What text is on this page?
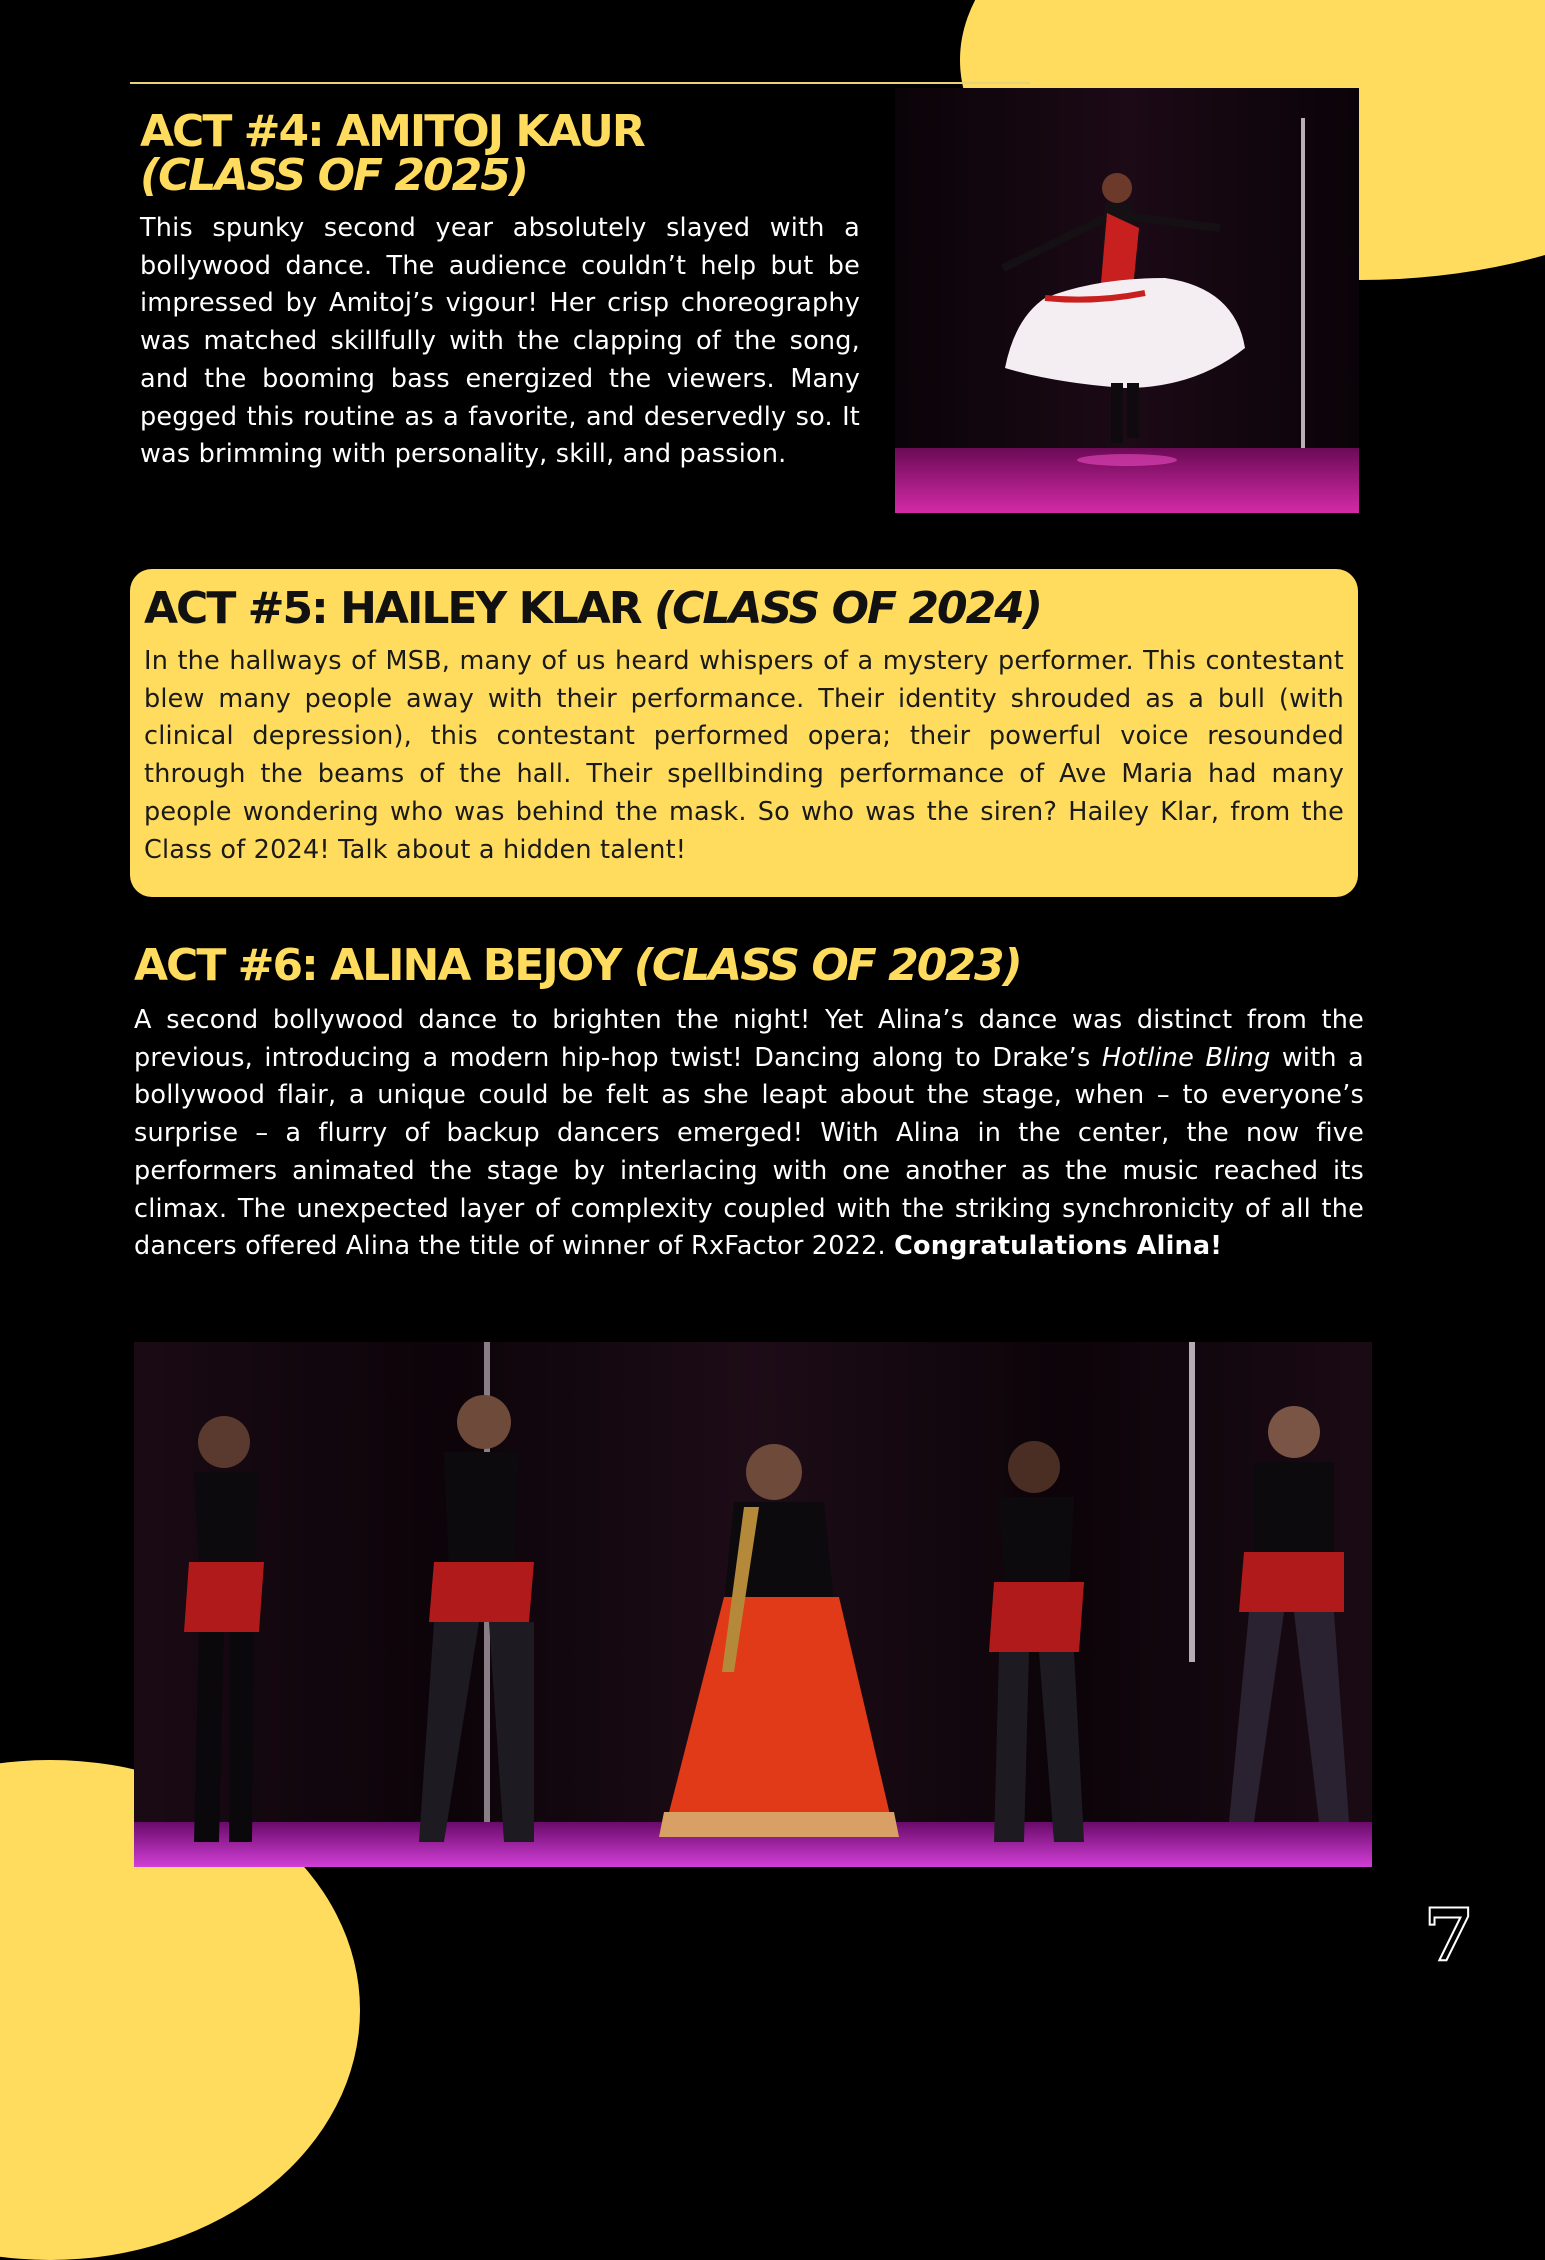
ACT #4: AMITOJ KAUR
(CLASS OF 2025)

This spunky second year absolutely slayed with a bollywood dance. The audience couldn’t help but be impressed by Amitoj’s vigour! Her crisp choreography was matched skillfully with the clapping of the song, and the booming bass energized the viewers. Many pegged this routine as a favorite, and deservedly so. It was brimming with personality, skill, and passion.

ACT #5: HAILEY KLAR (CLASS OF 2024)

In the hallways of MSB, many of us heard whispers of a mystery performer. This contestant blew many people away with their performance. Their identity shrouded as a bull (with clinical depression), this contestant performed opera; their powerful voice resounded through the beams of the hall. Their spellbinding performance of Ave Maria had many people wondering who was behind the mask. So who was the siren? Hailey Klar, from the Class of 2024! Talk about a hidden talent!

ACT #6: ALINA BEJOY (CLASS OF 2023)

A second bollywood dance to brighten the night! Yet Alina’s dance was distinct from the previous, introducing a modern hip-hop twist! Dancing along to Drake’s Hotline Bling with a bollywood flair, a unique could be felt as she leapt about the stage, when – to everyone’s surprise – a flurry of backup dancers emerged! With Alina in the center, the now five performers animated the stage by interlacing with one another as the music reached its climax. The unexpected layer of complexity coupled with the striking synchronicity of all the dancers offered Alina the title of winner of RxFactor 2022. Congratulations Alina!

7
